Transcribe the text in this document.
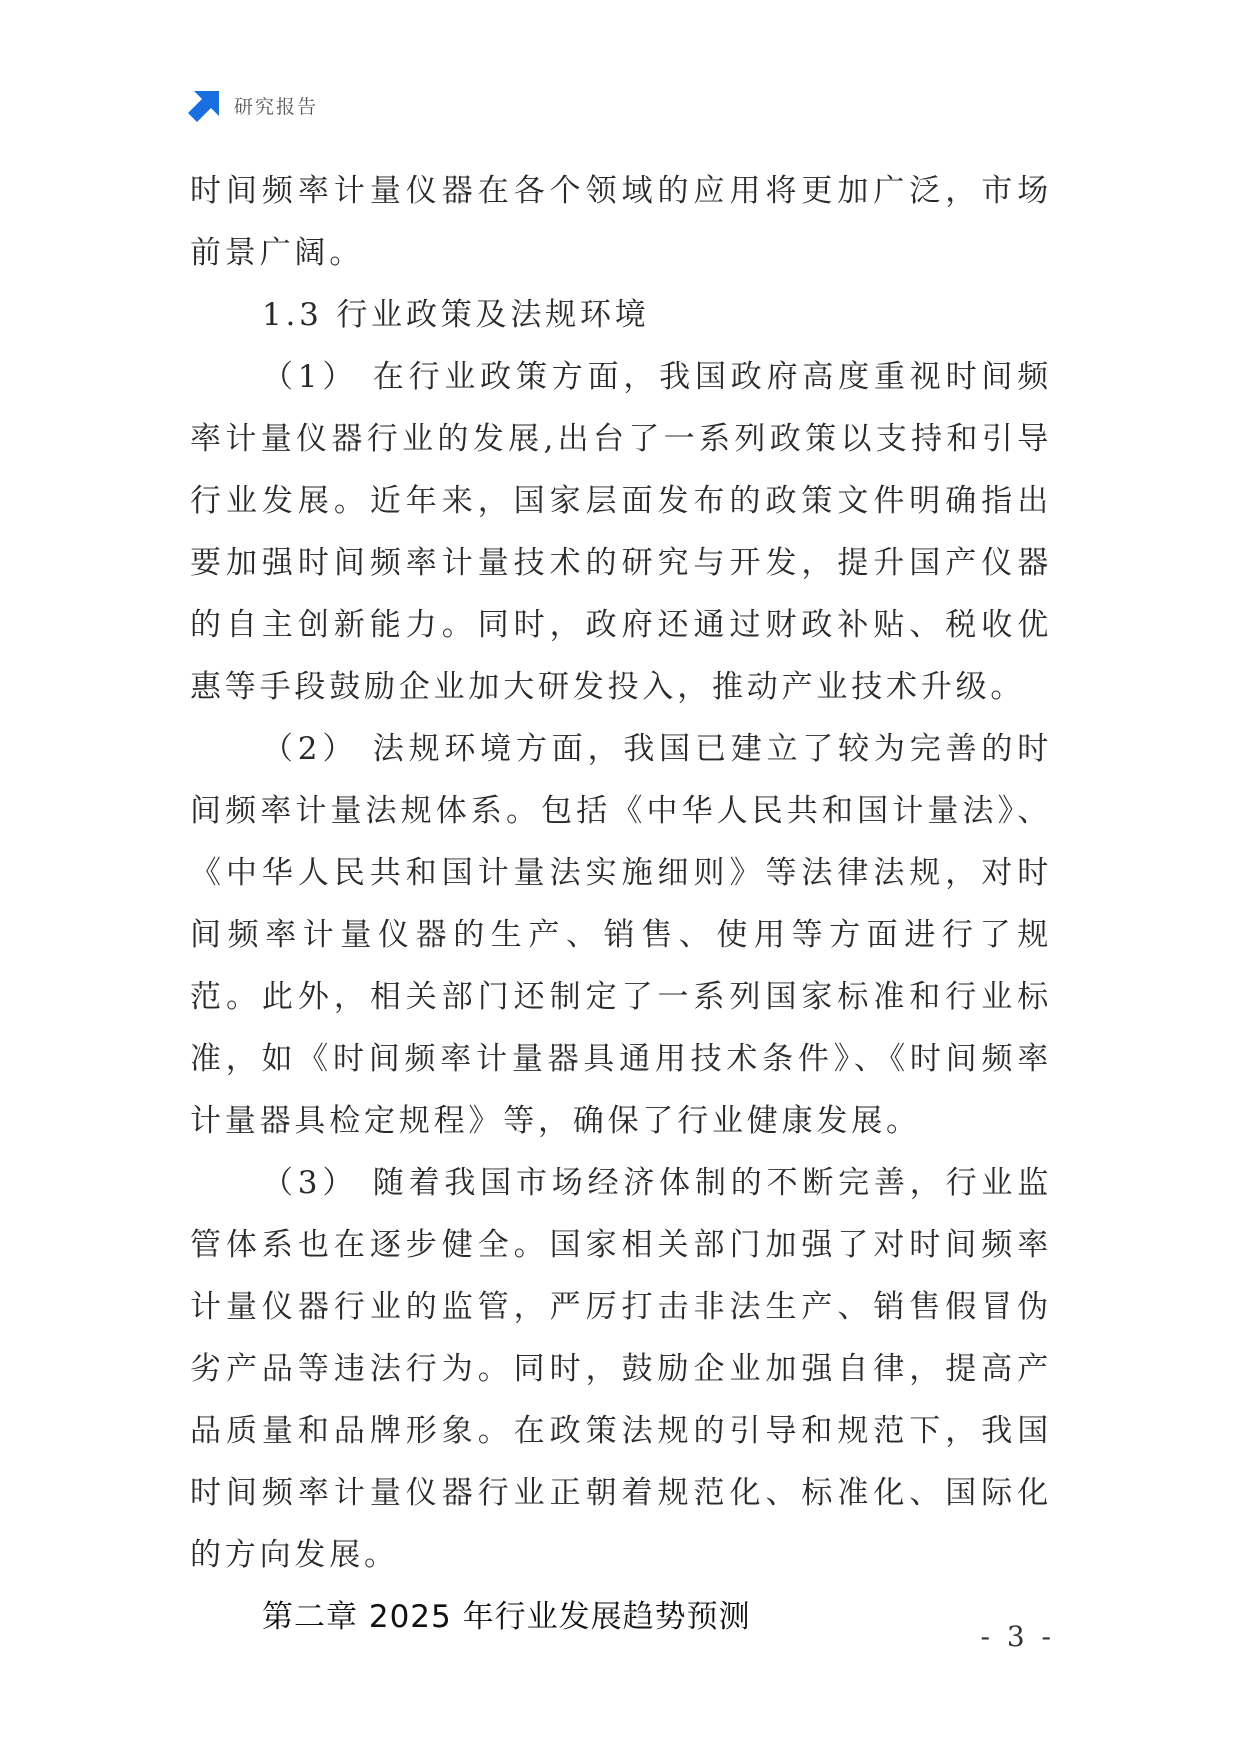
研究报告

时间频率计量仪器在各个领域的应用将更加广泛，市场前景广阔。

1.3 行业政策及法规环境

（1） 在行业政策方面，我国政府高度重视时间频率计量仪器行业的发展,出台了一系列政策以支持和引导行业发展。近年来，国家层面发布的政策文件明确指出要加强时间频率计量技术的研究与开发，提升国产仪器的自主创新能力。同时，政府还通过财政补贴、税收优惠等手段鼓励企业加大研发投入，推动产业技术升级。

（2） 法规环境方面，我国已建立了较为完善的时间频率计量法规体系。包括《中华人民共和国计量法》、《中华人民共和国计量法实施细则》等法律法规，对时间频率计量仪器的生产、销售、使用等方面进行了规范。此外，相关部门还制定了一系列国家标准和行业标准，如《时间频率计量器具通用技术条件》、《时间频率计量器具检定规程》等，确保了行业健康发展。

（3） 随着我国市场经济体制的不断完善，行业监管体系也在逐步健全。国家相关部门加强了对时间频率计量仪器行业的监管，严厉打击非法生产、销售假冒伪劣产品等违法行为。同时，鼓励企业加强自律，提高产品质量和品牌形象。在政策法规的引导和规范下，我国时间频率计量仪器行业正朝着规范化、标准化、国际化的方向发展。

第二章 2025 年行业发展趋势预测
- 3 -
